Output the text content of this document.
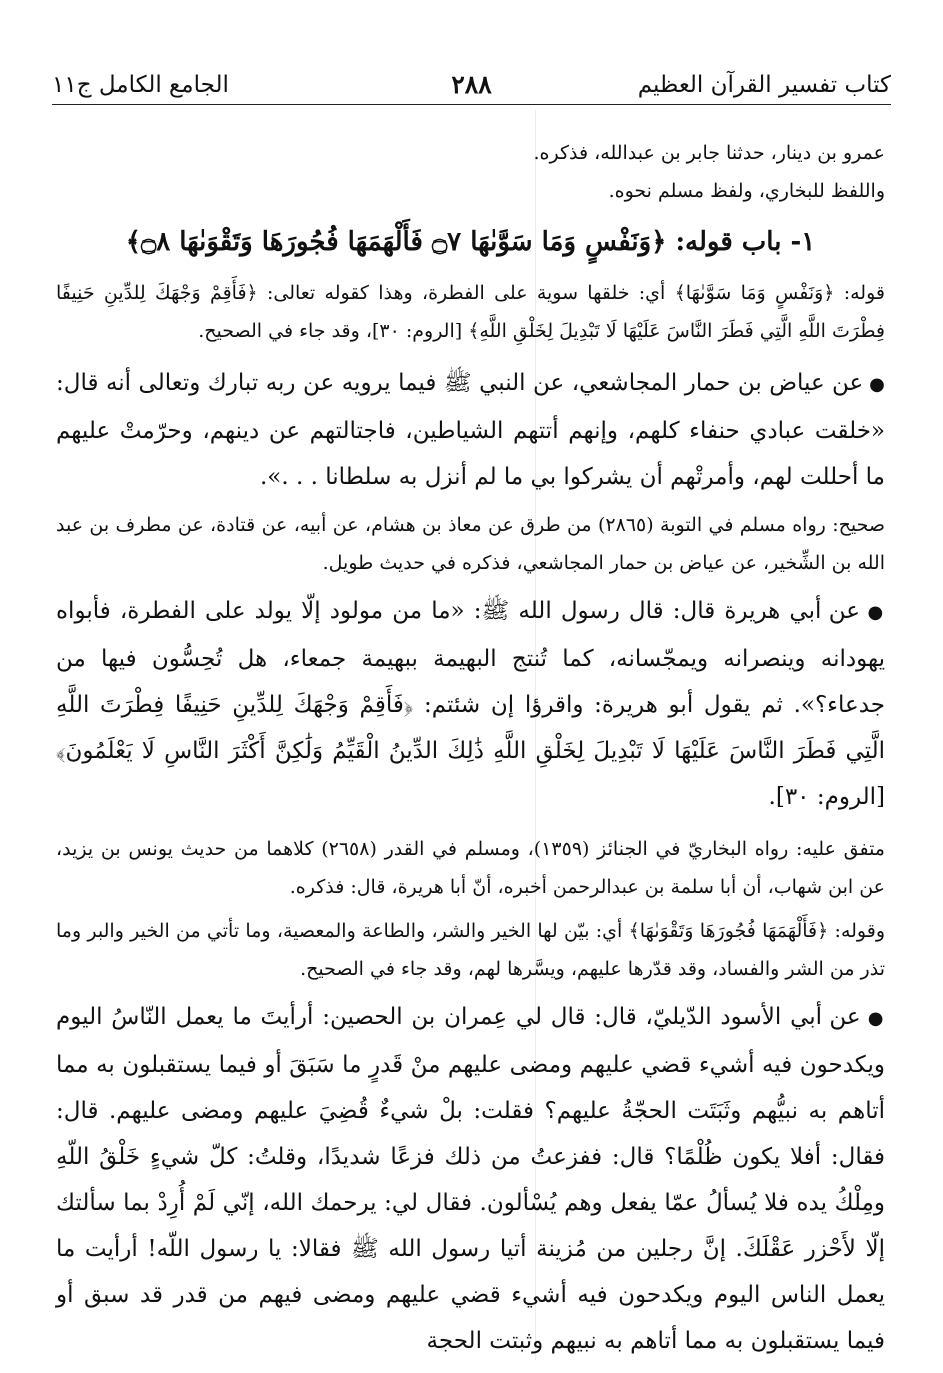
كتاب تفسير القرآن العظيم
٢٨٨
الجامع الكامل ج١١

عمرو بن دينار، حدثنا جابر بن عبدالله، فذكره.

واللفظ للبخاري، ولفظ مسلم نحوه.

١- باب قوله: ﴿وَنَفْسٍ وَمَا سَوَّىٰهَا ۝٧ فَأَلْهَمَهَا فُجُورَهَا وَتَقْوَىٰهَا ۝٨﴾

قوله: ﴿وَنَفْسٍ وَمَا سَوَّىٰهَا﴾ أي: خلقها سوية على الفطرة، وهذا كقوله تعالى: ﴿فَأَقِمْ وَجْهَكَ لِلدِّينِ حَنِيفًا فِطْرَتَ اللَّهِ الَّتِي فَطَرَ النَّاسَ عَلَيْهَا لَا تَبْدِيلَ لِخَلْقِ اللَّهِ﴾ [الروم: ٣٠]، وقد جاء في الصحيح.

● عن عياض بن حمار المجاشعي، عن النبي ﷺ فيما يرويه عن ربه تبارك وتعالى أنه قال: «خلقت عبادي حنفاء كلهم، وإنهم أتتهم الشياطين، فاجتالتهم عن دينهم، وحرّمتْ عليهم ما أحللت لهم، وأمرتْهم أن يشركوا بي ما لم أنزل به سلطانا . . .».

صحيح: رواه مسلم في التوبة (٢٨٦٥) من طرق عن معاذ بن هشام، عن أبيه، عن قتادة، عن مطرف بن عبد الله بن الشِّخير، عن عياض بن حمار المجاشعي، فذكره في حديث طويل.

● عن أبي هريرة قال: قال رسول الله ﷺ: «ما من مولود إلّا يولد على الفطرة، فأبواه يهودانه وينصرانه ويمجّسانه، كما تُنتج البهيمة ببهيمة جمعاء، هل تُحِسُّون فيها من جدعاء؟». ثم يقول أبو هريرة: واقرؤا إن شئتم: ﴿فَأَقِمْ وَجْهَكَ لِلدِّينِ حَنِيفًا فِطْرَتَ اللَّهِ الَّتِي فَطَرَ النَّاسَ عَلَيْهَا لَا تَبْدِيلَ لِخَلْقِ اللَّهِ ذَٰلِكَ الدِّينُ الْقَيِّمُ وَلَٰكِنَّ أَكْثَرَ النَّاسِ لَا يَعْلَمُونَ﴾ [الروم: ٣٠].

متفق عليه: رواه البخاريّ في الجنائز (١٣٥٩)، ومسلم في القدر (٢٦٥٨) كلاهما من حديث يونس بن يزيد، عن ابن شهاب، أن أبا سلمة بن عبدالرحمن أخبره، أنّ أبا هريرة، قال: فذكره.

وقوله: ﴿فَأَلْهَمَهَا فُجُورَهَا وَتَقْوَىٰهَا﴾ أي: بيّن لها الخير والشر، والطاعة والمعصية، وما تأتي من الخير والبر وما تذر من الشر والفساد، وقد قدّرها عليهم، ويسَّرها لهم، وقد جاء في الصحيح.

● عن أبي الأسود الدّيليّ، قال: قال لي عِمران بن الحصين: أرأيتَ ما يعمل النّاسُ اليوم ويكدحون فيه أشيء قضي عليهم ومضى عليهم منْ قَدرٍ ما سَبَقَ أو فيما يستقبلون به مما أتاهم به نبيُّهم وثَبَتَت الحجّةُ عليهم؟ فقلت: بلْ شيءٌ قُضِيَ عليهم ومضى عليهم. قال: فقال: أفلا يكون ظُلْمًا؟ قال: ففزعتُ من ذلك فزعًا شديدًا، وقلتُ: كلّ شيءٍ خَلْقُ اللّهِ ومِلْكُ يده فلا يُسألُ عمّا يفعل وهم يُسْألون. فقال لي: يرحمك الله، إنّي لَمْ أُرِدْ بما سألتك إلّا لأَحْزر عَقْلَكَ. إنَّ رجلين من مُزينة أتيا رسول الله ﷺ فقالا: يا رسول اللّه! أرأيت ما يعمل الناس اليوم ويكدحون فيه أشيء قضي عليهم ومضى فيهم من قدر قد سبق أو فيما يستقبلون به مما أتاهم به نبيهم وثبتت الحجة
